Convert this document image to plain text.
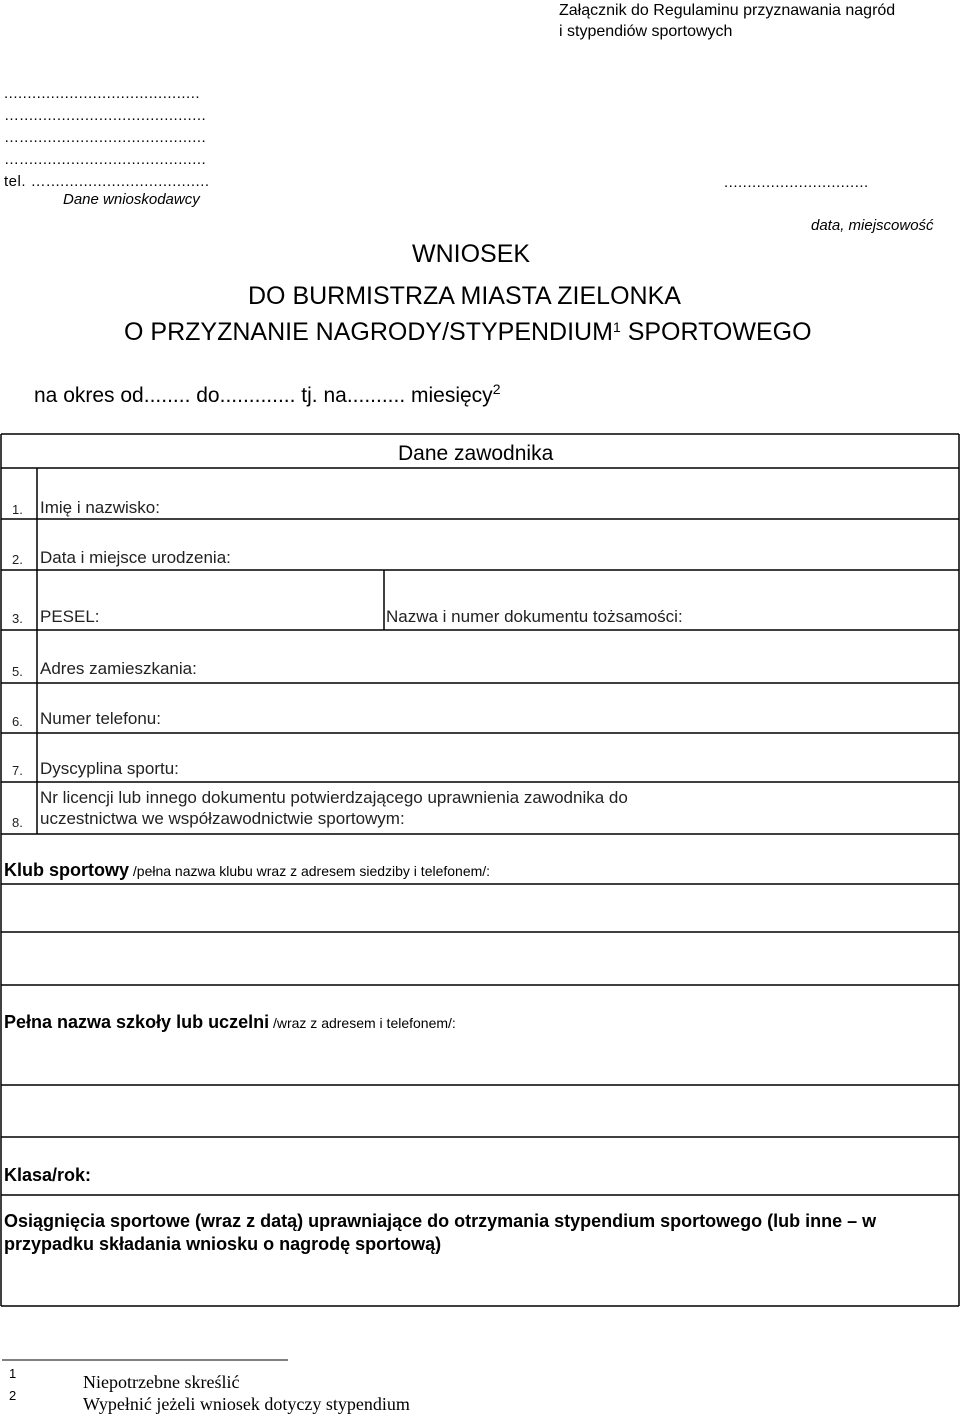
Załącznik do Regulaminu przyznawania nagród
i stypendiów sportowych
..........................................
…........................................
…........................................
…........................................
tel. …...................................
Dane wnioskodawcy
...............................
data, miejscowość
WNIOSEK
DO BURMISTRZA MIASTA ZIELONKA
O PRZYZNANIE NAGRODY/STYPENDIUM$^1$ SPORTOWEGO
na okres od........ do............. tj. na.......... miesięcy$^2$
Dane zawodnika
1. Imię i nazwisko:
2. Data i miejsce urodzenia:
3. PESEL:	Nazwa i numer dokumentu tożsamości:
5. Adres zamieszkania:
6. Numer telefonu:
7. Dyscyplina sportu:
8.
Nr licencji lub innego dokumentu potwierdzającego uprawnienia zawodnika do
uczestnictwa we współzawodnictwie sportowym:
Klub sportowy /pełna nazwa klubu wraz z adresem siedziby i telefonem/:
Pełna nazwa szkoły lub uczelni /wraz z adresem i telefonem/:
Klasa/rok:
Osiągnięcia sportowe (wraz z datą) uprawniające do otrzymania stypendium sportowego (lub inne – w
przypadku składania wniosku o nagrodę sportową)
1	Niepotrzebne skreślić
2	Wypełnić jeżeli wniosek dotyczy stypendium
